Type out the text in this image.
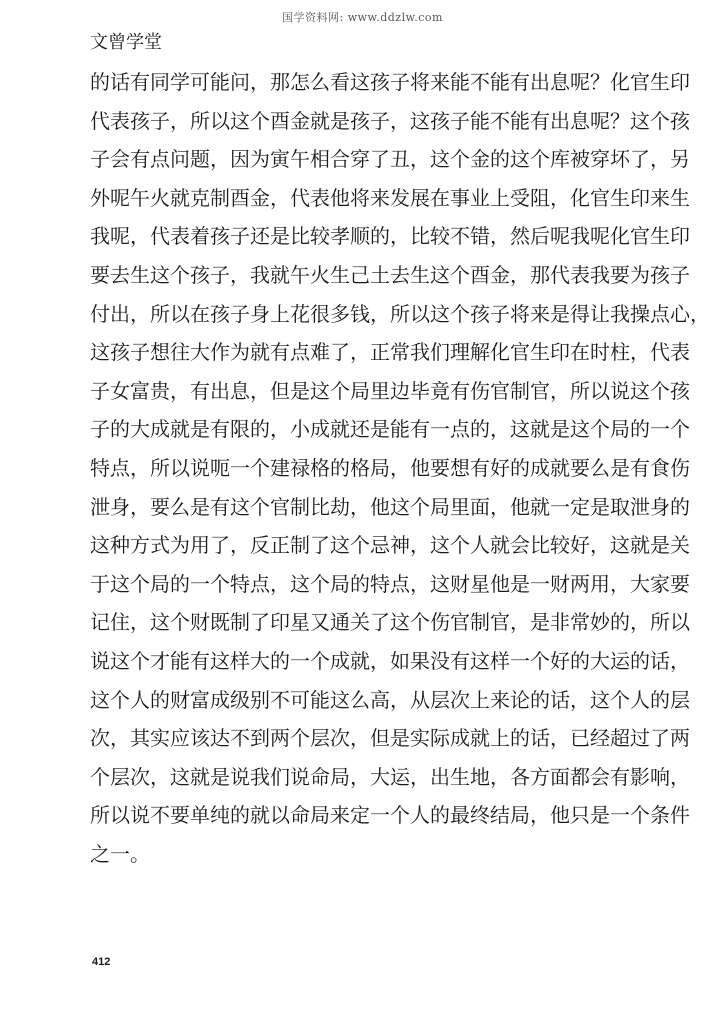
国学资料网: www.ddzlw.com
文曾学堂
的话有同学可能问，那怎么看这孩子将来能不能有出息呢？化官生印
代表孩子，所以这个酉金就是孩子，这孩子能不能有出息呢？这个孩
子会有点问题，因为寅午相合穿了丑，这个金的这个库被穿坏了，另
外呢午火就克制酉金，代表他将来发展在事业上受阻，化官生印来生
我呢，代表着孩子还是比较孝顺的，比较不错，然后呢我呢化官生印
要去生这个孩子，我就午火生己土去生这个酉金，那代表我要为孩子
付出，所以在孩子身上花很多钱，所以这个孩子将来是得让我操点心，
这孩子想往大作为就有点难了，正常我们理解化官生印在时柱，代表
子女富贵，有出息，但是这个局里边毕竟有伤官制官，所以说这个孩
子的大成就是有限的，小成就还是能有一点的，这就是这个局的一个
特点，所以说呃一个建禄格的格局，他要想有好的成就要么是有食伤
泄身，要么是有这个官制比劫，他这个局里面，他就一定是取泄身的
这种方式为用了，反正制了这个忌神，这个人就会比较好，这就是关
于这个局的一个特点，这个局的特点，这财星他是一财两用，大家要
记住，这个财既制了印星又通关了这个伤官制官，是非常妙的，所以
说这个才能有这样大的一个成就，如果没有这样一个好的大运的话，
这个人的财富成级别不可能这么高，从层次上来论的话，这个人的层
次，其实应该达不到两个层次，但是实际成就上的话，已经超过了两
个层次，这就是说我们说命局，大运，出生地，各方面都会有影响，
所以说不要单纯的就以命局来定一个人的最终结局，他只是一个条件
之一。
412
